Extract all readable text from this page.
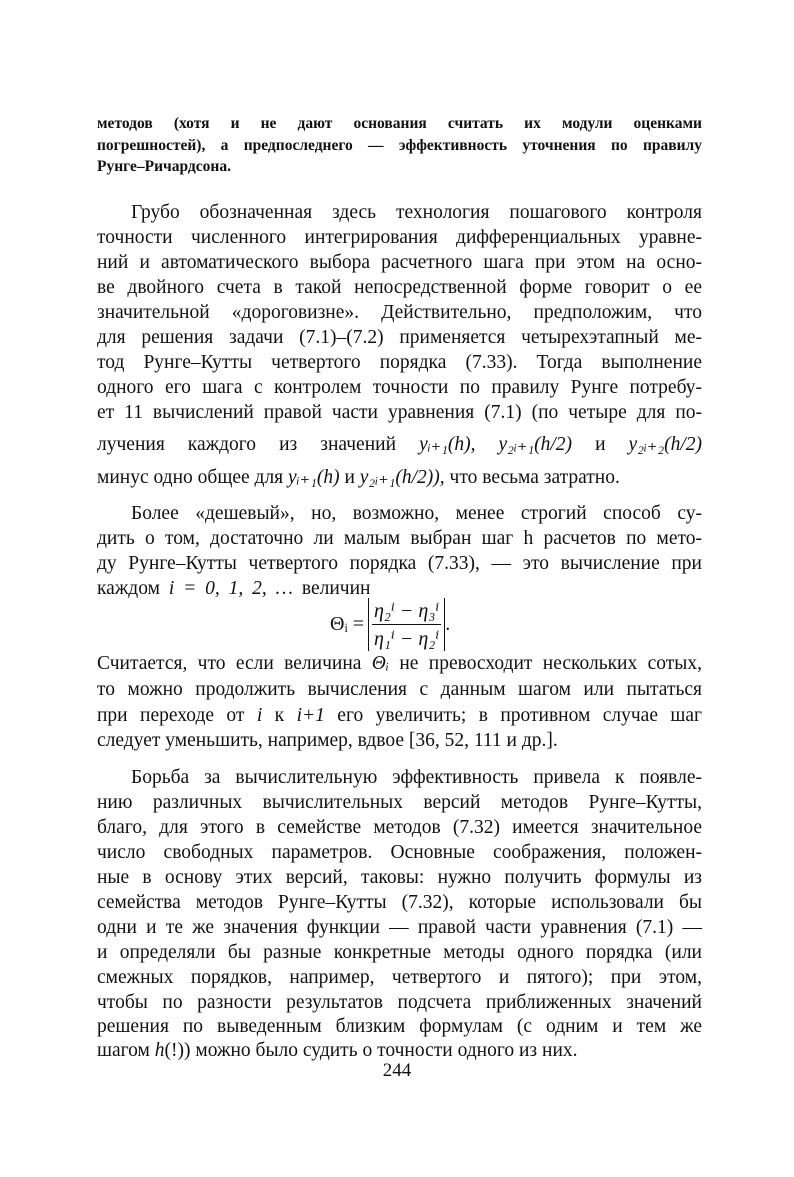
методов (хотя и не дают основания считать их модули оценками
погрешностей), а предпоследнего — эффективность уточнения по правилу
Рунге–Ричардсона.
Грубо обозначенная здесь технология пошагового контроля
точности численного интегрирования дифференциальных уравне-
ний и автоматического выбора расчетного шага при этом на осно-
ве двойного счета в такой непосредственной форме говорит о ее
значительной «дороговизне». Действительно, предположим, что
для решения задачи (7.1)–(7.2) применяется четырехэтапный ме-
тод Рунге–Кутты четвертого порядка (7.33). Тогда выполнение
одного его шага с контролем точности по правилу Рунге потребу-
ет 11 вычислений правой части уравнения (7.1) (по четыре для по-
лучения каждого из значений yᵢ₊₁(h), y₂ᵢ₊₁(h/2) и y₂ᵢ₊₂(h/2)
минус одно общее для yᵢ₊₁(h) и y₂ᵢ₊₁(h/2)), что весьма затратно.
Более «дешевый», но, возможно, менее строгий способ су-
дить о том, достаточно ли малым выбран шаг h расчетов по мето-
ду Рунге–Кутты четвертого порядка (7.33), — это вычисление при
каждом i = 0, 1, 2, … величин
Θᵢ = $\frac{\text{η₂ⁱ − η₃ⁱ}}{\text{η₁ⁱ − η₂ⁱ}}$ .
Считается, что если величина Θᵢ не превосходит нескольких сотых,
то можно продолжить вычисления с данным шагом или пытаться
при переходе от i к i+1 его увеличить; в противном случае шаг
следует уменьшить, например, вдвое [36, 52, 111 и др.].
Борьба за вычислительную эффективность привела к появле-
нию различных вычислительных версий методов Рунге–Кутты,
благо, для этого в семействе методов (7.32) имеется значительное
число свободных параметров. Основные соображения, положен-
ные в основу этих версий, таковы: нужно получить формулы из
семейства методов Рунге–Кутты (7.32), которые использовали бы
одни и те же значения функции — правой части уравнения (7.1) —
и определяли бы разные конкретные методы одного порядка (или
смежных порядков, например, четвертого и пятого); при этом,
чтобы по разности результатов подсчета приближенных значений
решения по выведенным близким формулам (с одним и тем же
шагом h(!)) можно было судить о точности одного из них.
244
